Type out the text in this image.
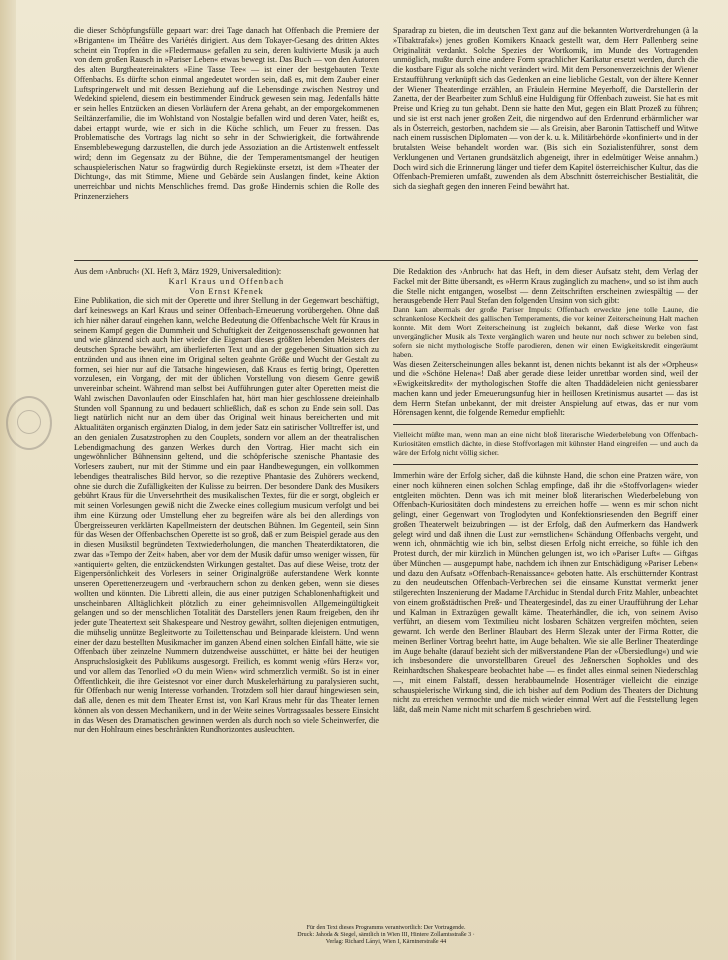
die dieser Schöpfungsfülle gepaart war: drei Tage danach hat Offenbach die Premiere der »Briganten« im Théâtre des Variétés dirigiert. Aus dem Tokayer-Gesang des dritten Aktes scheint ein Tropfen in die »Fledermaus« gefallen zu sein, deren kultivierte Musik ja auch von dem großen Rausch in »Pariser Leben« etwas bewegt ist. Das Buch — von den Autoren des alten Burgtheatereinakters »Eine Tasse Tee« — ist einer der bestgebauten Texte Offenbachs. Es dürfte schon einmal angedeutet worden sein, daß es, mit dem Zauber einer Luftspringerwelt und mit dessen Beziehung auf die Lebensdinge zwischen Nestroy und Wedekind spielend, diesem ein bestimmender Eindruck gewesen sein mag. Jedenfalls hätte er sein helles Entzücken an diesen Vorläufern der Arena gehabt, an der emporgekommenen Seiltänzerfamilie, die im Wohlstand von Nostalgie befallen wird und deren Vater, heißt es, dabei ertappt wurde, wie er sich in die Küche schlich, um Feuer zu fressen. Das Problematische des Vortrags lag nicht so sehr in der Schwierigkeit, die fortwährende Ensemblebewegung darzustellen, die durch jede Assoziation an die Artistenwelt entfesselt wird; denn im Gegensatz zu der Bühne, die der Temperamentsmangel der heutigen schauspielerischen Natur so fragwürdig durch Regiekünste ersetzt, ist dem »Theater der Dichtung«, das mit Stimme, Miene und Gebärde sein Auslangen findet, keine Aktion unerreichbar und nichts Menschliches fremd. Das große Hindernis schien die Rolle des Prinzenerziehers

Sparadrap zu bieten, die im deutschen Text ganz auf die bekannten Wortverdrehungen (à la »Tibaktrafak«) jenes großen Komikers Knaack gestellt war, dem Herr Pallenberg seine Originalität verdankt. Solche Spezies der Wortkomik, im Munde des Vortragenden unmöglich, mußte durch eine andere Form sprachlicher Karikatur ersetzt werden, durch die die kostbare Figur als solche nicht verändert wird. Mit dem Personenverzeichnis der Wiener Erstaufführung verknüpft sich das Gedenken an eine liebliche Gestalt, von der ältere Kenner der Wiener Theaterdinge erzählen, an Fräulein Hermine Meyerhoff, die Darstellerin der Zanetta, der der Bearbeiter zum Schluß eine Huldigung für Offenbach zuweist. Sie hat es mit Preise und Krieg zu tun gehabt. Denn sie hatte den Mut, gegen ein Blatt Prozeß zu führen; und sie ist erst nach jener großen Zeit, die nirgendwo auf den Erdenrund erbärmlicher war als in Österreich, gestorben, nachdem sie — als Greisin, aber Baronin Tattischeff und Witwe nach einem russischen Diplomaten — von der k. u. k. Militärbehörde »konfiniert« und in der brutalsten Weise behandelt worden war. (Bis sich ein Sozialistenführer, sonst dem Verklungenen und Vertanen grundsätzlich abgeneigt, ihrer in edelmütiger Weise annahm.) Doch wird sich die Erinnerung länger und tiefer dem Kapitel österreichischer Kultur, das die Offenbach-Premieren umfaßt, zuwenden als dem Abschnitt österreichischer Bestialität, die sich da sieghaft gegen den inneren Feind bewährt hat.

Aus dem ›Anbruch‹ (XI. Heft 3, März 1929, Universaledition):

Karl Kraus und Offenbach

Von Ernst Křenek

Eine Publikation, die sich mit der Operette und ihrer Stellung in der Gegenwart beschäftigt, darf keineswegs an Karl Kraus und seiner Offenbach-Erneuerung vorübergehen. Ohne daß ich hier näher darauf eingehen kann, welche Bedeutung die Offenbachsche Welt für Kraus in seinem Kampf gegen die Dummheit und Schuftigkeit der Zeitgenossenschaft gewonnen hat und wie glänzend sich auch hier wieder die Eigenart dieses größten lebenden Meisters der deutschen Sprache bewährt, am überlieferten Text und an der gegebenen Situation sich zu entzünden und aus ihnen eine im Original selten geahnte Größe und Wucht der Gestalt zu formen, sei hier nur auf die Tatsache hingewiesen, daß Kraus es fertig bringt, Operetten vorzulesen, ein Vorgang, der mit der üblichen Vorstellung von diesem Genre gewiß unvereinbar scheint. Während man selbst bei Aufführungen guter alter Operetten meist die Wahl zwischen Davonlaufen oder Einschlafen hat, hört man hier geschlossene dreieinhalb Stunden voll Spannung zu und bedauert schließlich, daß es schon zu Ende sein soll. Das liegt natürlich nicht nur an dem über das Original weit hinaus bereicherten und mit Aktualitäten organisch ergänzten Dialog, in dem jeder Satz ein satirischer Volltreffer ist, und an den genialen Zusatzstrophen zu den Couplets, sondern vor allem an der theatralischen Lebendigmachung des ganzen Werkes durch den Vortrag. Hier macht sich ein ungewöhnlicher Bühnensinn geltend, und die schöpferische szenische Phantasie des Vorlesers zaubert, nur mit der Stimme und ein paar Handbewegungen, ein vollkommen lebendiges theatralisches Bild hervor, so die rezeptive Phantasie des Zuhörers weckend, ohne sie durch die Zufälligkeiten der Kulisse zu beirren. Der besondere Dank des Musikers gebührt Kraus für die Unversehrtheit des musikalischen Textes, für die er sorgt, obgleich er mit seinen Vorlesungen gewiß nicht die Zwecke eines collegium musicum verfolgt und bei ihm eine Kürzung oder Umstellung eher zu begreifen wäre als bei den allerdings von Übergreisseuren verklärten Kapellmeistern der deutschen Bühnen. Im Gegenteil, sein Sinn für das Wesen der Offenbachschen Operette ist so groß, daß er zum Beispiel gerade aus den in diesen Musikstil begründeten Textwiederholungen, die manchen Theaterdiktatoren, die zwar das »Tempo der Zeit« haben, aber vor dem der Musik dafür umso weniger wissen, für »antiquiert« gelten, die entzückendsten Wirkungen gestaltet. Das auf diese Weise, trotz der Eigenpersönlichkeit des Vorlesers in seiner Originalgröße auferstandene Werk konnte unseren Operettenerzeugern und -verbrauchern schon zu denken geben, wenn sie dieses wollten und könnten. Die Libretti allein, die aus einer putzigen Schablonenhaftigkeit und unscheinbaren Alltäglichkeit plötzlich zu einer geheimnisvollen Allgemeingültigkeit gelangen und so der menschlichen Totalität des Darstellers jenen Raum freigeben, den ihr jeder gute Theatertext seit Shakespeare und Nestroy gewährt, sollten diejenigen entmutigen, die mühselig unnütze Begleitworte zu Toilettenschau und Beinparade kleistern. Und wenn einer der dazu bestellten Musikmacher im ganzen Abend einen solchen Einfall hätte, wie sie Offenbach über zeinzelne Nummern dutzendweise ausschüttet, er hätte bei der heutigen Anspruchslosigkeit des Publikums ausgesorgt. Freilich, es kommt wenig »fürs Herz« vor, und vor allem das Tenorlied »O du mein Wien« wird schmerzlich vermißt. So ist in einer Öffentlichkeit, die ihre Geistesnot vor einer durch Muskelerhärtung zu paralysieren sucht, für Offenbach nur wenig Interesse vorhanden. Trotzdem soll hier darauf hingewiesen sein, daß alle, denen es mit dem Theater Ernst ist, von Karl Kraus mehr für das Theater lernen können als von dessen Mechanikern, und in der Weite seines Vortragssaales bessere Einsicht in das Wesen des Dramatischen gewinnen werden als durch noch so viele Scheinwerfer, die nur den Hohlraum eines beschränkten Rundhorizontes ausleuchten.

Die Redaktion des ›Anbruch‹ hat das Heft, in dem dieser Aufsatz steht, dem Verlag der Fackel mit der Bitte übersandt, es »Herrn Kraus zugänglich zu machen«, und so ist ihm auch die Stelle nicht entgangen, woselbst — denn Zeitschriften erscheinen zwiespältig — der herausgebende Herr Paul Stefan den folgenden Unsinn von sich gibt:

Dann kam abermals der große Pariser Impuls: Offenbach erweckte jene tolle Laune, die schrankenlose Keckheit des gallischen Temperaments, die vor keiner Zeiterscheinung Halt machen konnte. Mit dem Wort Zeiterscheinung ist zugleich bekannt, daß diese Werke von fast unvergänglicher Musik als Texte vergänglich waren und heute nur noch schwer zu beleben sind, sofern sie nicht mythologische Stoffe parodieren, denen wir einen Ewigkeitskredit eingeräumt haben.

Was diesen Zeiterscheinungen alles bekannt ist, denen nichts bekannt ist als der »Orpheus« und die »Schöne Helena«! Daß aber gerade diese leider unrettbar worden sind, weil der »Ewigkeitskredit« der mythologischen Stoffe die alten Thaddädeleien nicht geniessbarer machen kann und jeder Erneuerungsunfug hier in heillosen Kretinismus ausartet — das ist dem Herrn Stefan unbekannt, der mit dreister Anspielung auf etwas, das er nur vom Hörensagen kennt, die folgende Remedur empfiehlt:

Vielleicht müßte man, wenn man an eine nicht bloß literarische Wiederbelebung von Offenbach-Kuriositäten ernstlich dächte, in diese Stoffvorlagen mit kühnster Hand eingreifen — und auch da wäre der Erfolg nicht völlig sicher.

Immerhin wäre der Erfolg sicher, daß die kühnste Hand, die schon eine Pratzen wäre, von einer noch kühneren einen solchen Schlag empfinge, daß ihr die »Stoffvorlagen« wieder entgleiten möchten. Denn was ich mit meiner bloß literarischen Wiederbelebung von Offenbach-Kuriositäten doch mindestens zu erreichen hoffe — wenn es mir schon nicht gelingt, einer Gegenwart von Troglodyten und Konfektionsriesenden den Begriff einer großen Theaterwelt beizubringen — ist der Erfolg, daß den Aufmerkern das Handwerk gelegt wird und daß ihnen die Lust zur »ernstlichen« Schändung Offenbachs vergeht, und wenn ich, ohnmächtig wie ich bin, selbst diesen Erfolg nicht erreiche, so fühle ich den Protest durch, der mir kürzlich in München gelungen ist, wo ich »Pariser Luft« — Giftgas über München — ausgepumpt habe, nachdem ich ihnen zur Entschädigung »Pariser Leben« und dazu den Aufsatz »Offenbach-Renaissance« geboten hatte. Als erschütternder Kontrast zu den neudeutschen Offenbach-Verbrechen sei die einsame Kunsttat vermerkt jener stilgerechten Inszenierung der Madame l'Archiduc in Stendal durch Fritz Mahler, unbeachtet von einem großstädtischen Preß- und Theatergesindel, das zu einer Uraufführung der Lehar und Kalman in Extrazügen gewallt käme. Theaterhändler, die ich, von seinem Aviso verführt, an diesem vom Textmilieu nicht losbaren Schätzen vergreifen möchten, seien gewarnt. Ich werde den Berliner Blaubart des Herrn Slezak unter der Firma Rotter, die meinen Berliner Vortrag beehrt hatte, im Auge behalten. Wie sie alle Berliner Theaterdinge im Auge behalte (darauf bezieht sich der mißverstandene Plan der »Übersiedlung«) und wie ich insbesondere die unvorstellbaren Greuel des Jeßnerschen Sophokles und des Reinhardtschen Shakespeare beobachtet habe — es findet alles einmal seinen Niederschlag —, mit einem Falstaff, dessen herabbaumelnde Hosenträger vielleicht die einzige schauspielerische Wirkung sind, die ich bisher auf dem Podium des Theaters der Dichtung nicht zu erreichen vermochte und die mich wieder einmal Wert auf die Feststellung legen läßt, daß mein Name nicht mit scharfem ß geschrieben wird.

Für den Text dieses Programms verantwortlich: Der Vortragende.
Druck: Jahoda & Siegel, sämtlich in Wien III, Hintere Zollamtsstraße 3 ·
Verlag: Richard Lányi, Wien I, Kärntnerstraße 44
